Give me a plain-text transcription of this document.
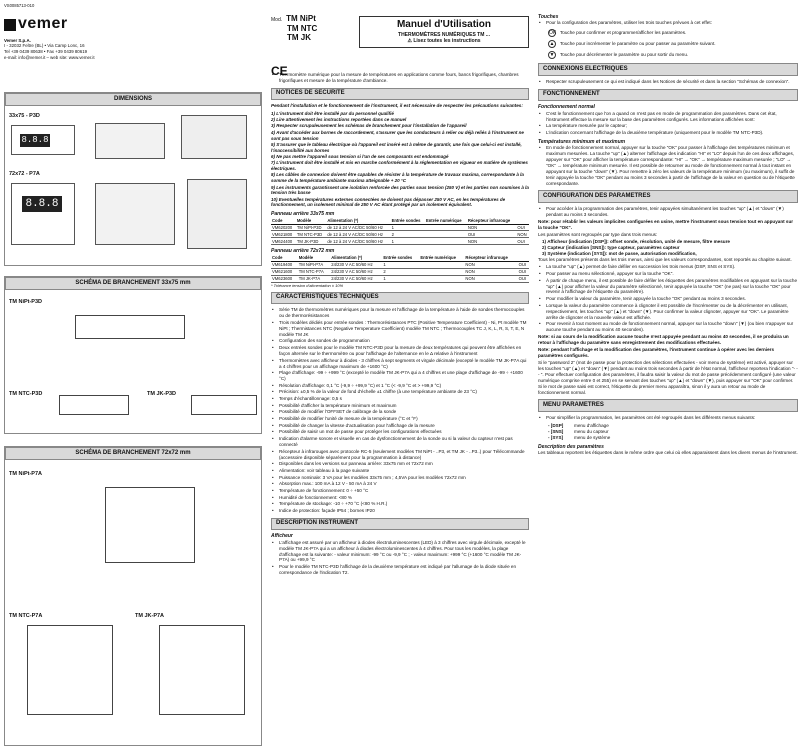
VS0085713-010
vemer
Vemer S.p.A.
I - 32032 Feltre (BL) • Via Camp Lonc, 16
Tel +39 0439 80638 • Fax +39 0439 80619
e-mail: info@vemer.it – web site: www.vemer.it
DIMENSIONS
33x75 - P3D
8.8.8
72x72 - P7A
8.8.8
SCHÉMA DE BRANCHEMENT 33x75 mm
TM NiPt-P3D
TM NTC-P3D	TM JK-P3D
SCHÉMA DE BRANCHEMENT 72x72 mm
TM NiPt-P7A
TM NTC-P7A	TM JK-P7A
Mod. TM NiPt
TM NTC
TM JK
Manuel d'Utilisation
THERMOMÈTRES NUMÉRIQUES TM ...
⚠ Lisez toutes les instructions
CE
• Thermomètre numérique pour la mesure de températures en applications comme fours, bancs frigorifiques, chambres frigorifiques et mesure de la température d'ambiance.
NOTICES DE SECURITE

Pendant l'installation et le fonctionnement de l'instrument, il est nécessaire de respecter les précautions suivantes:

1) L'instrument doit être installé par du personnel qualifié
2) Lire attentivement les instructions reportées dans ce manuel
3) Respecter scrupuleusement les schémas de branchement pour l'installation de l'appareil
4) Avant d'accéder aux bornes de raccordement, s'assurer que les conducteurs à relier ou déjà reliés à l'instrument ne sont pas sous tension
5) S'assurer que le tableau électrique où l'appareil est inséré est à même de garantir, une fois que celui-ci est installé, l'inaccessibilité aux bornes
6) Ne pas mettre l'appareil sous tension si l'un de ses composants est endommagé
7) L'instrument doit être installé et mis en marche conformément à la réglementation en vigueur en matière de systèmes électriques.
8) Les câbles de connexion doivent être capables de résister à la température de travaux maxima, correspondante à la somme de la température ambiante maxima atteignable + 20 °C
9) Les instruments garantissent une isolation renforcée des parties sous tension (250 V) et les parties non soumises à la tension très basse
10) Eventuelles températures externes connectées ne doivent pas dépasser 250 V AC, en les températures de fonctionnement, un isolement minimal de 250 V AC étant protégé par un isolement équivalent.
Panneau arrière 33x75 mm
Code	Modèle	Alimentation (*)	Entrée sondes	Entrée numérique	Récepteur infrarouge	
VM620200	TM NiPt-P3D	de 12 à 24 V AC/DC 50/60 Hz	1		NON	OUI
VM621800	TM NTC-P3D	de 12 à 24 V AC/DC 50/60 Hz	2		OUI	NON
VM624400	TM JK-P3D	de 12 à 24 V AC/DC 50/60 Hz	1		NON	OUI
Panneau arrière 72x72 mm
Code	Modèle	Alimentation (*)	Entrée sondes	Entrée numérique	Récepteur infrarouge	
VM619400	TM NiPt-P7A	24/230 V AC 50/60 Hz	1		NON	OUI
VM621600	TM NTC-P7A	24/230 V AC 50/60 Hz	2		NON	OUI
VM623600	TM JK-P7A	24/230 V AC 50/60 Hz	1		NON	OUI
* Tolérance tension d'alimentation ± 10%
CARACTERISTIQUES TECHNIQUES
• Série TM de thermomètres numériques pour la mesure et l'affichage de la température à l'aide de sondes thermocouples ou de thermorésistances
• Trois modèles dédiés pour entrée sondes : Thermorésistances PTC (Positive Temperature Coefficient) - Ni, Pt modèle TM NiPt ; Thermistances NTC (Negative Temperature Coefficient) modèle TM NTC ; Thermocouples TC J, K, L, R, S, T, E, N modèle TM JK
• Configuration des sondes de programmation
• Deux entrées sondes pour le modèle TM NTC-P3D pour la mesure de deux températures qui peuvent être affichées en façon alternée sur le thermomètre ou pour l'affichage de l'alternance en le Δ relative à l'instrument
• Thermomètres avec afficheur à diodes - 3 chiffres à sept segments et virgule décimale (excepté le modèle TM JK-P7A qui a 4 chiffres pour un affichage maximum de +1600 °C)
• Plage d'affichage: -99 ÷ +999 °C (excepté le modèle TM JK-P7A qui a 4 chiffres et une plage d'affichage de -99 ÷ +1600 °C)
• Résolution d'affichage: 0,1 °C (-9,9 ÷ +99,9 °C) et 1 °C (< -9,9 °C et > +99,9 °C)
• Précision: ±0,5 % de la valeur de fond d'échelle ±1 chiffre (à une température ambiante de 23 °C)
• Temps d'échantillonnage: 0,5 s
• Possibilité d'afficher la température minimum et maximum
• Possibilité de modifier l'OFFSET de calibrage de la sonde
• Possibilité de modifier l'unité de mesure de la température (°C et °F)
• Possibilité de changer la vitesse d'actualisation pour l'affichage de la mesure
• Possibilité de saisir un mot de passe pour protéger les configurations effectuées
• Indication d'alarme sonore et visuelle en cas de dysfonctionnement de la sonde ou si la valeur du capteur n'est pas connecté
• Récepteur à infrarouges avec protocole RC-5 (seulement modèles TM NiPt - ..P3, et TM JK - ..P3..) pour Télécommande (accessoire disponible séparément pour la programmation à distance)
• Disponibles dans les versions sur panneau arrière: 33x75 mm et 72x72 mm
• Alimentation: voir tableau à la page suivante
• Puissance nominale: 3 VA pour les modèles 33x75 mm ; 4,5VA pour les modèles 72x72 mm
• Absorption max.: 100 mA à 12 V - 50 mA à 24 V
• Température de fonctionnement: 0 ÷ +50 °C
• Humidité de fonctionnement: <80 %
• Température de stockage: -10 ÷ +70 °C (<80 % H.R.)
• Indice de protection: façade IP54 ; bornes IP20
DESCRIPTION INSTRUMENT
Afficheur
• L'affichage est assuré par un afficheur à diodes électroluminescentes (LED) à 3 chiffres avec virgule décimale, excepté le modèle TM JK-P7A qui a un afficheur à diodes électroluminescentes à 4 chiffres. Pour tous les modèles, la plage d'affichage est la suivante: - valeur minimum: -99 °C ou -9,9 °C ; - valeur maximum: +999 °C (+1600 °C modèle TM JK-P7A) ou +99,9 °C
• Pour le modèle TM NTC-P3D l'affichage de la deuxième température est indiqué par l'allumage de la diode située en correspondance de l'indication T2.
Touches
• Pour la configuration des paramètres, utiliser les trois touches prévues à cet effet:
OK Touche pour confirmer et programmer/afficher les paramètres.
▲ Touche pour incrémenter le paramètre ou pour passer au paramètre suivant.
▼ Touche pour décrémenter le paramètre ou pour sortir du menu.
CONNEXIONS ELECTRIQUES
• Respecter scrupuleusement ce qui est indiqué dans les Notices de sécurité et dans la section "Schémas de connexion".
FONCTIONNEMENT
Fonctionnement normal
• C'est le fonctionnement que l'on a quand on n'est pas en mode de programmation des paramètres. Dans cet état, l'instrument effectue la mesure sur la base des paramètres configurés. Les informations affichées sont:
• La température mesurée par le capteur;
• L'indication concernant l'affichage de la deuxième température (uniquement pour le modèle TM NTC-P3D).
Températures minimum et maximum
• En mode de fonctionnement normal, appuyer sur la touche "OK" pour passer à l'affichage des températures minimum et maximum mesurées. La touche "up" (▲) alterner l'affichage des indication "HI" et "LO" depuis l'un de ces deux affichages, appuyer sur "OK" pour afficher la température correspondante: "HI" → "OK" → température maximum mesurée ; "LO" → "OK" → température minimum mesurée. Il est possible de retourner au mode de fonctionnement normal à tout instant en appuyant sur la touche "down" (▼). Pour remettre à zéro les valeurs de la température minimum (ou maximum), il suffit de tenir appuyée la touche "OK" pendant au moins 3 secondes à partir de l'affichage de la valeur en question ou de l'étiquette correspondante.
CONFIGURATION DES PARAMETRES
• Pour accéder à la programmation des paramètres, tenir appuyées simultanément les touches "up" (▲) et "down" (▼) pendant au moins 3 secondes.

Note: pour rétablir les valeurs implicites configurées en usine, mettre l'instrument sous tension tout en appuyant sur la touche "OK".

Les paramètres sont regroupés par type dans trois menus:

1) Afficheur (indication [DSP]): offset sonde, résolution, unité de mesure, filtre mesure
2) Capteur (indication [SNS]): type capteur, paramètres capteur
3) Système (indication [SYS]): mot de passe, autorisation modification,

Tous les paramètres présents dans les trois menus, ainsi que les valeurs correspondantes, sont reportés au chapitre suivant.

• La touche "up" (▲) permet de faire défiler en succession les trois menus (DSP, SNS et SYS).
• Pour passer au menu sélectionné, appuyer sur la touche "OK".
• À partir de chaque menu, il est possible de faire défiler les étiquettes des paramètres modifiables en appuyant sur la touche "up" (▲) pour afficher la valeur du paramètre sélectionné, tenir appuyée la touche "OK" (ne pas) sur la touche "OK" pour revenir à l'affichage de l'étiquette du paramètre).
• Pour modifier la valeur du paramètre, tenir appuyée la touche "OK" pendant au moins 3 secondes.
• Lorsque la valeur du paramètre commence à clignoter il est possible de l'incrémenter ou de la décrémenter en utilisant, respectivement, les touches "up" (▲) et "down" (▼). Pour confirmer la valeur clignoter, appuyer sur "OK". Le paramètre arrête de clignoter et la nouvelle valeur est affichée.
• Pour revenir à tout moment au mode de fonctionnement normal, appuyer sur la touche "down" (▼) (ou bien n'appuyer sur aucune touche pendant au moins 40 secondes).

Note: si au cours de la modification aucune touche n'est appuyée pendant au moins 40 secondes, il se produira un retour à l'affichage du paramètre sans enregistrement des modifications effectuées.

Note: pendant l'affichage et la modification des paramètres, l'instrument continue à opérer avec les derniers paramètres configurés.

Si le "password 2" (mot de passe pour la protection des sélections effectuées - voir menu de système) est activé, appuyer sur les touches "up" (▲) et "down" (▼) pendant au moins trois secondes à partir de l'état normal, l'afficheur reportera l'indication "- - - ". Pour effectuer configuration des paramètres, il faudra saisir la valeur du mot de passe précédemment configuré (une valeur numérique comprise entre 0 et 255) en se servant des touches "up" (▲) et "down" (▼), puis appuyer sur "OK" pour confirmer. Si le mot de passe saisi est correct, l'étiquette du premier menu apparaîtra, sinon il y aura un retour au mode de fonctionnement normal.

MENU PARAMETRES
• Pour simplifier la programmation, les paramètres ont été regroupés dans les différents menus suivants:
- [DSP] menu d'affichage
- [SNS] menu du capteur
- [SYS] menu de système
Description des paramètres

Les tableaux reportent les étiquettes dans le même ordre que celui où elles apparaissent dans les divers menus de l'instrument.
